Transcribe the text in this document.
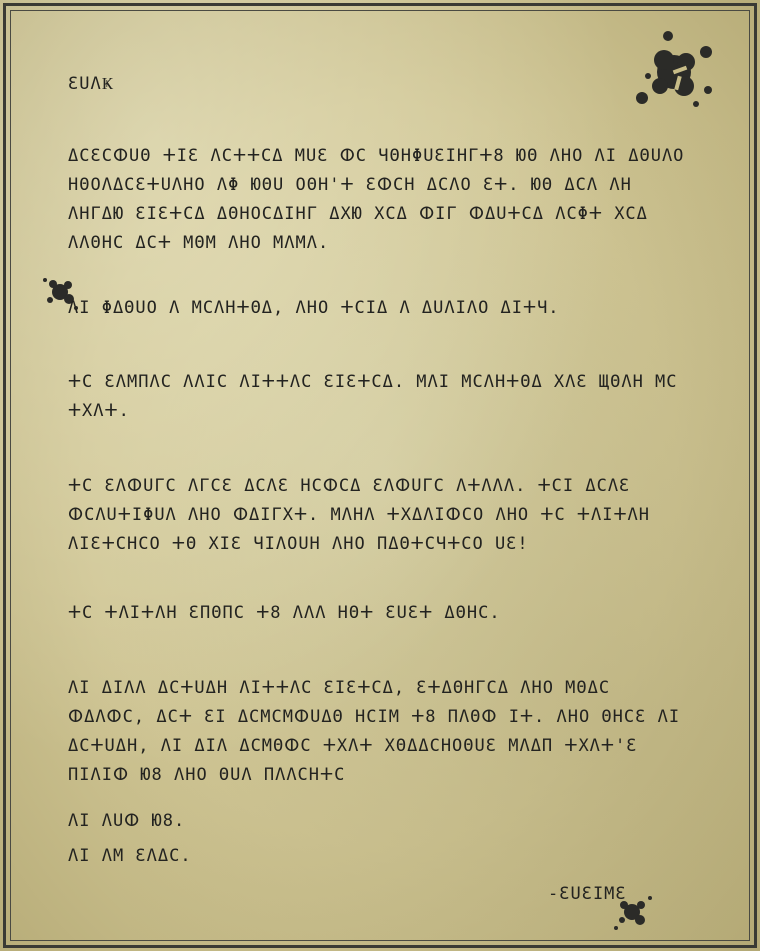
ƐUΛҜ
ΔϹƐϹⵀUΘ ⵜIƐ ΛϹⵜⵜϹΔ MUƐ ⵀϹ ЧΘΗΦUƐIΗГⵜ8 ЮΘ ΛΗΟ ΛI ΔΘUΛΟ ΗΘΟΛΔϹƐⵜUΛΗΟ ΛΦ ЮΘU ΟΘΗ'ⵜ ƐⵀϹΗ ΔϹΛΟ Ɛⵜ. ЮΘ ΔϹΛ ΛΗ ΛΗГΔЮ ƐIƐⵜϹΔ ΔΘΗΟϹΔIΗГ ΔΧЮ ΧϹΔ ⵀIГ ⵀΔUⵜϹΔ ΛϹΦⵜ ΧϹΔ ΛΛΘΗϹ ΔϹⵜ MΘM ΛΗΟ MΛMΛ.
ΛI ΦΔΘUΟ Λ MϹΛΗⵜΘΔ, ΛΗΟ ⵜϹIΔ Λ ΔUΛIΛΟ ΔIⵜЧ.
ⵜϹ ƐΛMΠΛϹ ΛΛIϹ ΛIⵜⵜΛϹ ƐIƐⵜϹΔ. MΛI MϹΛΗⵜΘΔ ΧΛƐ ЩΘΛΗ MϹ ⵜΧΛⵜ.
ⵜϹ ƐΛⵀUГϹ ΛΓϹƐ ΔϹΛƐ ΗϹⵀϹΔ ƐΛⵀUГϹ ΛⵜΛΛΛ. ⵜϹI ΔϹΛƐ ⵀϹΛUⵜIΦUΛ ΛΗΟ ⵀΔIГΧⵜ. MΛΗΛ ⵜΧΔΛIⵀϹΟ ΛΗΟ ⵜϹ ⵜΛIⵜΛΗ ΛIƐⵜϹΗϹΟ ⵜΘ ΧIƐ ЧIΛΟUΗ ΛΗΟ ΠΔΘⵜϹЧⵜϹΟ UƐ!
ⵜϹ ⵜΛIⵜΛΗ ƐΠΘΠϹ ⵜ8 ΛΛΛ ΗΘⵜ ƐUƐⵜ ΔΘΗϹ.
ΛI ΔIΛΛ ΔϹⵜUΔΗ ΛIⵜⵜΛϹ ƐIƐⵜϹΔ, ƐⵜΔΘΗΓϹΔ ΛΗΟ MΘΔϹ ⵀΔΛⵀϹ, ΔϹⵜ ƐI ΔϹMϹMⵀUΔΘ ΗϹIM ⵜ8 ΠΛΘⵀ Iⵜ. ΛΗΟ ΘΗϹƐ ΛI ΔϹⵜUΔΗ, ΛI ΔIΛ ΔϹMΘⵀϹ ⵜΧΛⵜ ΧΘΔΔϹΗΟΘUƐ MΛΔΠ ⵜΧΛⵜ'Ɛ ΠIΛIⵀ Ю8 ΛΗΟ ΘUΛ ΠΛΛϹΗⵜϹ
ΛI ΛUⵀ Ю8.
ΛI ΛM ƐΛΔϹ.
-ƐUƐIMƐ
